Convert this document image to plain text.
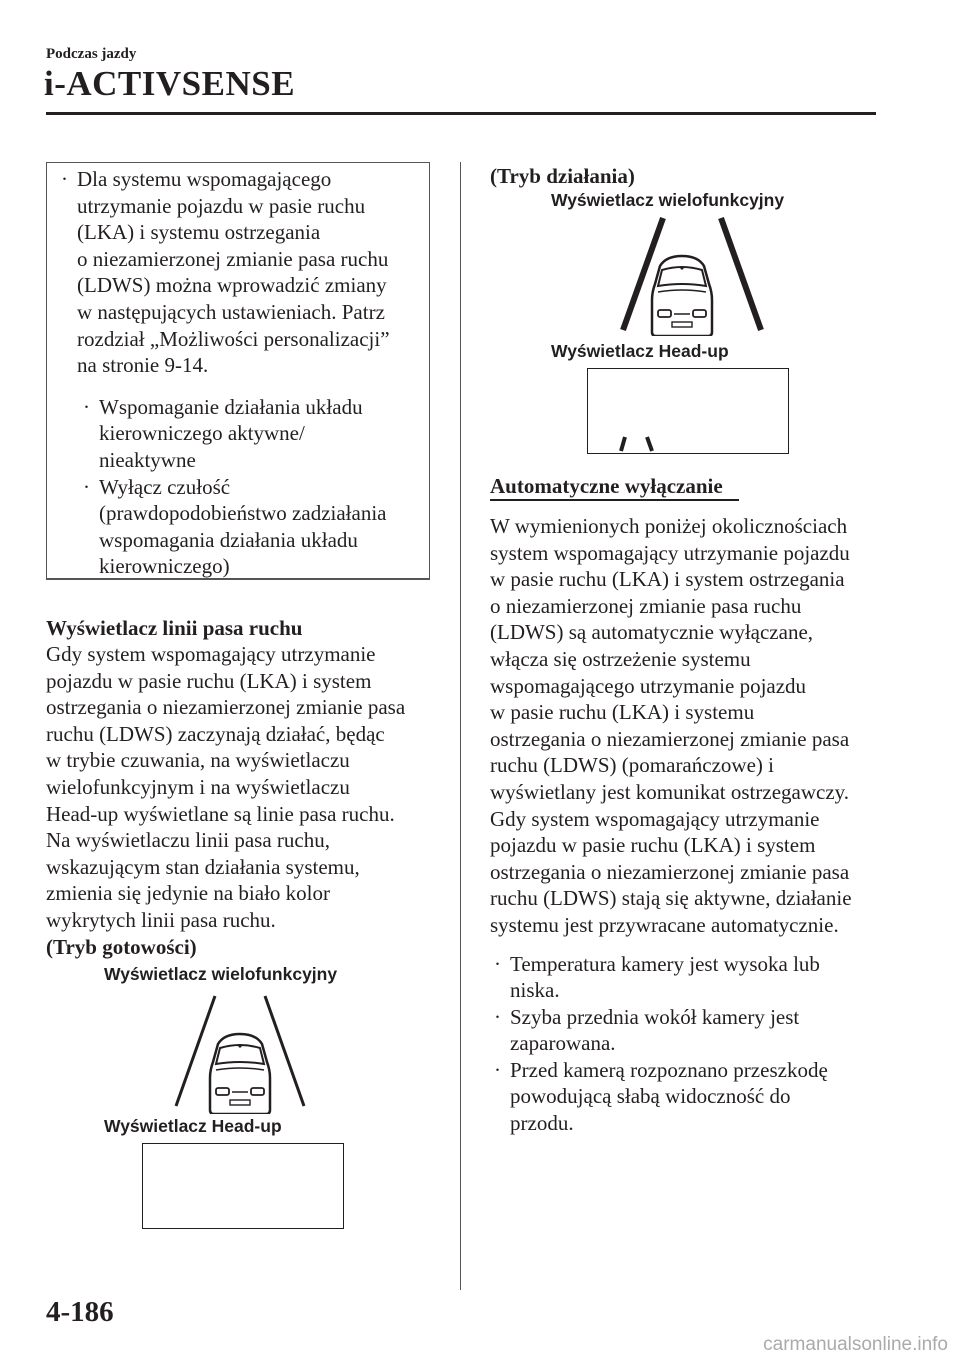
Podczas jazdy
i-ACTIVSENSE
· Dla systemu wspomagającego
utrzymanie pojazdu w pasie ruchu
(LKA) i systemu ostrzegania
o niezamierzonej zmianie pasa ruchu
(LDWS) można wprowadzić zmiany
w następujących ustawieniach. Patrz
rozdział „Możliwości personalizacji”
na stronie 9-14.
· Wspomaganie działania układu
kierowniczego aktywne/
nieaktywne
· Wyłącz czułość
(prawdopodobieństwo zadziałania
wspomagania działania układu
kierowniczego)
Wyświetlacz linii pasa ruchu
Gdy system wspomagający utrzymanie
pojazdu w pasie ruchu (LKA) i system
ostrzegania o niezamierzonej zmianie pasa
ruchu (LDWS) zaczynają działać, będąc
w trybie czuwania, na wyświetlaczu
wielofunkcyjnym i na wyświetlaczu
Head-up wyświetlane są linie pasa ruchu.
Na wyświetlaczu linii pasa ruchu,
wskazującym stan działania systemu,
zmienia się jedynie na biało kolor
wykrytych linii pasa ruchu.
(Tryb gotowości)
Wyświetlacz wielofunkcyjny
Wyświetlacz Head-up
(Tryb działania)
Wyświetlacz wielofunkcyjny
Wyświetlacz Head-up
Automatyczne wyłączanie
W wymienionych poniżej okolicznościach
system wspomagający utrzymanie pojazdu
w pasie ruchu (LKA) i system ostrzegania
o niezamierzonej zmianie pasa ruchu
(LDWS) są automatycznie wyłączane,
włącza się ostrzeżenie systemu
wspomagającego utrzymanie pojazdu
w pasie ruchu (LKA) i systemu
ostrzegania o niezamierzonej zmianie pasa
ruchu (LDWS) (pomarańczowe) i
wyświetlany jest komunikat ostrzegawczy.
Gdy system wspomagający utrzymanie
pojazdu w pasie ruchu (LKA) i system
ostrzegania o niezamierzonej zmianie pasa
ruchu (LDWS) stają się aktywne, działanie
systemu jest przywracane automatycznie.
· Temperatura kamery jest wysoka lub
niska.
· Szyba przednia wokół kamery jest
zaparowana.
· Przed kamerą rozpoznano przeszkodę
powodującą słabą widoczność do
przodu.
4-186
carmanualsonline.info
